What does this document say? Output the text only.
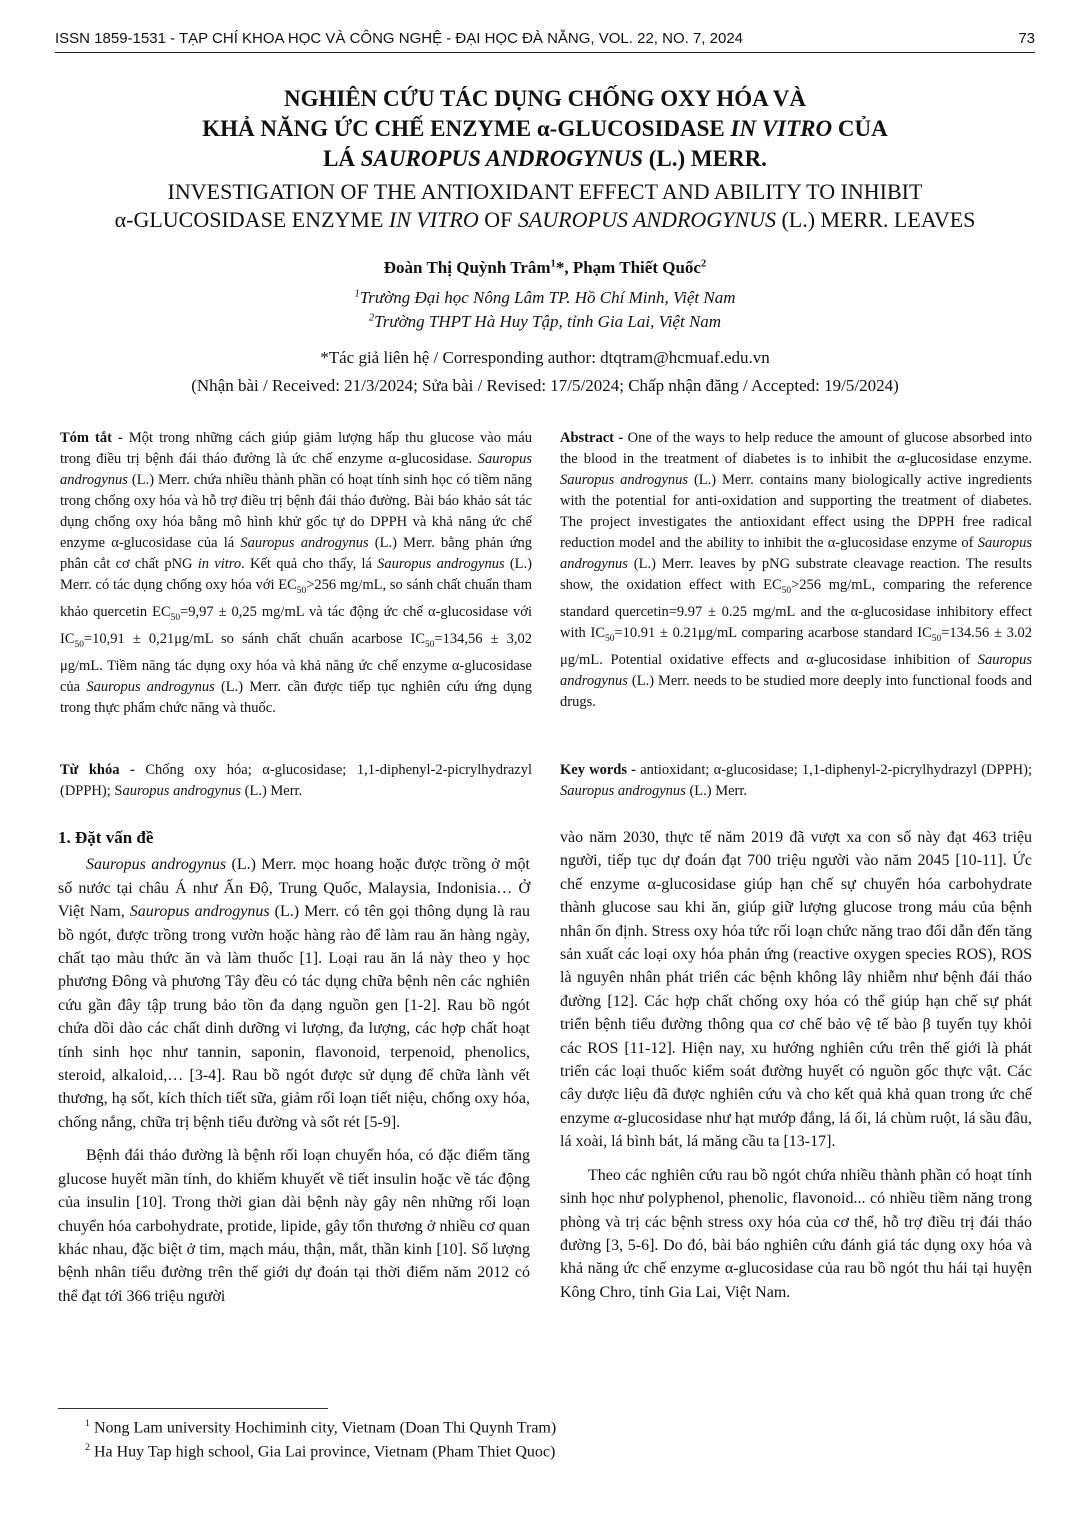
ISSN 1859-1531 - TẠP CHÍ KHOA HỌC VÀ CÔNG NGHỆ - ĐẠI HỌC ĐÀ NẴNG, VOL. 22, NO. 7, 2024	73
NGHIÊN CỨU TÁC DỤNG CHỐNG OXY HÓA VÀ
KHẢ NĂNG ỨC CHẾ ENZYME α-GLUCOSIDASE IN VITRO CỦA
LÁ SAUROPUS ANDROGYNUS (L.) MERR.
INVESTIGATION OF THE ANTIOXIDANT EFFECT AND ABILITY TO INHIBIT
α-GLUCOSIDASE ENZYME IN VITRO OF SAUROPUS ANDROGYNUS (L.) MERR. LEAVES
Đoàn Thị Quỳnh Trâm$^1$*, Phạm Thiết Quốc$^2$
$^1$Trường Đại học Nông Lâm TP. Hồ Chí Minh, Việt Nam
$^2$Trường THPT Hà Huy Tập, tỉnh Gia Lai, Việt Nam
*Tác giả liên hệ / Corresponding author: dtqtram@hcmuaf.edu.vn
(Nhận bài / Received: 21/3/2024; Sửa bài / Revised: 17/5/2024; Chấp nhận đăng / Accepted: 19/5/2024)
Tóm tắt - Một trong những cách giúp giảm lượng hấp thu glucose vào máu trong điều trị bệnh đái tháo đường là ức chế enzyme α-glucosidase. Sauropus androgynus (L.) Merr. chứa nhiều thành phần có hoạt tính sinh học có tiềm năng trong chống oxy hóa và hỗ trợ điều trị bệnh đái tháo đường. Bài báo khảo sát tác dụng chống oxy hóa bằng mô hình khử gốc tự do DPPH và khả năng ức chế enzyme α-glucosidase của lá Sauropus androgynus (L.) Merr. bằng phản ứng phân cắt cơ chất pNG in vitro. Kết quả cho thấy, lá Sauropus androgynus (L.) Merr. có tác dụng chống oxy hóa với $EC_{50}>256$ mg/mL, so sánh chất chuẩn tham khảo quercetin $EC_{50}=9,97 \pm 0,25$ mg/mL và tác động ức chế α-glucosidase với $IC_{50}=10,91 \pm 0,21\mu g/mL$ so sánh chất chuẩn acarbose $IC_{50}=134,56 \pm 3,02$ μg/mL. Tiềm năng tác dụng oxy hóa và khả năng ức chế enzyme α-glucosidase của Sauropus androgynus (L.) Merr. cần được tiếp tục nghiên cứu ứng dụng trong thực phẩm chức năng và thuốc.
Abstract - One of the ways to help reduce the amount of glucose absorbed into the blood in the treatment of diabetes is to inhibit the α-glucosidase enzyme. Sauropus androgynus (L.) Merr. contains many biologically active ingredients with the potential for anti-oxidation and supporting the treatment of diabetes. The project investigates the antioxidant effect using the DPPH free radical reduction model and the ability to inhibit the α-glucosidase enzyme of Sauropus androgynus (L.) Merr. leaves by pNG substrate cleavage reaction. The results show, the oxidation effect with $EC_{50}>256$ mg/mL, comparing the reference standard quercetin=9.97 ± 0.25 mg/mL and the α-glucosidase inhibitory effect with $IC_{50}=10.91 \pm 0.21\mu g/mL$ comparing acarbose standard $IC_{50}=134.56 \pm 3.02$ μg/mL. Potential oxidative effects and α-glucosidase inhibition of Sauropus androgynus (L.) Merr. needs to be studied more deeply into functional foods and drugs.
Từ khóa - Chống oxy hóa; α-glucosidase; 1,1-diphenyl-2-picrylhydrazyl (DPPH); Sauropus androgynus (L.) Merr.
Key words - antioxidant; α-glucosidase; 1,1-diphenyl-2-picrylhydrazyl (DPPH); Sauropus androgynus (L.) Merr.
1. Đặt vấn đề

Sauropus androgynus (L.) Merr. mọc hoang hoặc được trồng ở một số nước tại châu Á như Ấn Độ, Trung Quốc, Malaysia, Indonisia… Ở Việt Nam, Sauropus androgynus (L.) Merr. có tên gọi thông dụng là rau bồ ngót, được trồng trong vườn hoặc hàng rào để làm rau ăn hàng ngày, chất tạo màu thức ăn và làm thuốc [1]. Loại rau ăn lá này theo y học phương Đông và phương Tây đều có tác dụng chữa bệnh nên các nghiên cứu gần đây tập trung bảo tồn đa dạng nguồn gen [1-2]. Rau bồ ngót chứa dồi dào các chất dinh dưỡng vi lượng, đa lượng, các hợp chất hoạt tính sinh học như tannin, saponin, flavonoid, terpenoid, phenolics, steroid, alkaloid,… [3-4]. Rau bồ ngót được sử dụng để chữa lành vết thương, hạ sốt, kích thích tiết sữa, giảm rối loạn tiết niệu, chống oxy hóa, chống nắng, chữa trị bệnh tiểu đường và sốt rét [5-9].

Bệnh đái tháo đường là bệnh rối loạn chuyển hóa, có đặc điểm tăng glucose huyết mãn tính, do khiếm khuyết về tiết insulin hoặc về tác động của insulin [10]. Trong thời gian dài bệnh này gây nên những rối loạn chuyển hóa carbohydrate, protide, lipide, gây tổn thương ở nhiều cơ quan khác nhau, đặc biệt ở tim, mạch máu, thận, mắt, thần kinh [10]. Số lượng bệnh nhân tiểu đường trên thế giới dự đoán tại thời điểm năm 2012 có thể đạt tới 366 triệu người

vào năm 2030, thực tế năm 2019 đã vượt xa con số này đạt 463 triệu người, tiếp tục dự đoán đạt 700 triệu người vào năm 2045 [10-11]. Ức chế enzyme α-glucosidase giúp hạn chế sự chuyển hóa carbohydrate thành glucose sau khi ăn, giúp giữ lượng glucose trong máu của bệnh nhân ổn định. Stress oxy hóa tức rối loạn chức năng trao đổi dẫn đến tăng sản xuất các loại oxy hóa phản ứng (reactive oxygen species ROS), ROS là nguyên nhân phát triển các bệnh không lây nhiễm như bệnh đái tháo đường [12]. Các hợp chất chống oxy hóa có thể giúp hạn chế sự phát triển bệnh tiểu đường thông qua cơ chế bảo vệ tế bào β tuyến tụy khỏi các ROS [11-12]. Hiện nay, xu hướng nghiên cứu trên thế giới là phát triển các loại thuốc kiểm soát đường huyết có nguồn gốc thực vật. Các cây dược liệu đã được nghiên cứu và cho kết quả khả quan trong ức chế enzyme α-glucosidase như hạt mướp đắng, lá ổi, lá chùm ruột, lá sầu đâu, lá xoài, lá bình bát, lá măng cầu ta [13-17].

Theo các nghiên cứu rau bồ ngót chứa nhiều thành phần có hoạt tính sinh học như polyphenol, phenolic, flavonoid... có nhiều tiềm năng trong phòng và trị các bệnh stress oxy hóa của cơ thể, hỗ trợ điều trị đái tháo đường [3, 5-6]. Do đó, bài báo nghiên cứu đánh giá tác dụng oxy hóa và khả năng ức chế enzyme α-glucosidase của rau bồ ngót thu hái tại huyện Kông Chro, tỉnh Gia Lai, Việt Nam.

$^1$ Nong Lam university Hochiminh city, Vietnam (Doan Thi Quynh Tram)
$^2$ Ha Huy Tap high school, Gia Lai province, Vietnam (Pham Thiet Quoc)
